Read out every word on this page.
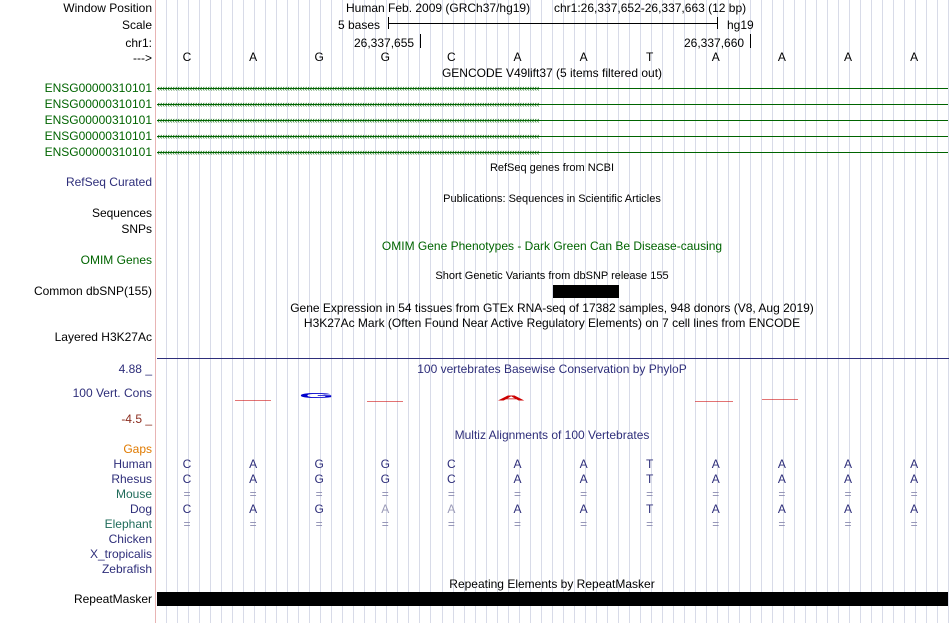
Window Position	Human Feb. 2009 (GRCh37/hg19) chr1:26,337,652-26,337,663 (12 bp)
Scale	5 bases	hg19
chr1:	26,337,655	26,337,660
--->	C	A	G	G	C	A	A	T	A	A	A	A
GENCODE V49lift37 (5 items filtered out)
ENSG00000310101 ‹‹‹‹‹‹‹‹‹‹‹‹‹‹‹‹‹‹‹‹‹‹‹‹‹‹‹‹‹‹‹‹‹‹‹‹‹‹‹‹‹‹‹‹‹‹‹‹‹‹‹‹‹‹‹‹‹‹‹‹‹‹‹‹‹‹‹‹‹‹‹‹‹‹‹‹‹‹‹‹‹‹‹‹‹‹‹‹‹‹‹‹‹‹‹‹‹‹‹‹‹‹‹‹‹‹‹‹‹‹‹‹‹‹‹‹‹‹‹‹‹‹‹‹‹‹‹‹‹‹‹‹‹‹‹‹‹‹‹‹‹‹‹‹‹‹‹‹‹‹‹‹‹
ENSG00000310101 ‹‹‹‹‹‹‹‹‹‹‹‹‹‹‹‹‹‹‹‹‹‹‹‹‹‹‹‹‹‹‹‹‹‹‹‹‹‹‹‹‹‹‹‹‹‹‹‹‹‹‹‹‹‹‹‹‹‹‹‹‹‹‹‹‹‹‹‹‹‹‹‹‹‹‹‹‹‹‹‹‹‹‹‹‹‹‹‹‹‹‹‹‹‹‹‹‹‹‹‹‹‹‹‹‹‹‹‹‹‹‹‹‹‹‹‹‹‹‹‹‹‹‹‹‹‹‹‹‹‹‹‹‹‹‹‹‹‹‹‹‹‹‹‹‹‹‹‹‹‹‹‹‹
ENSG00000310101 ‹‹‹‹‹‹‹‹‹‹‹‹‹‹‹‹‹‹‹‹‹‹‹‹‹‹‹‹‹‹‹‹‹‹‹‹‹‹‹‹‹‹‹‹‹‹‹‹‹‹‹‹‹‹‹‹‹‹‹‹‹‹‹‹‹‹‹‹‹‹‹‹‹‹‹‹‹‹‹‹‹‹‹‹‹‹‹‹‹‹‹‹‹‹‹‹‹‹‹‹‹‹‹‹‹‹‹‹‹‹‹‹‹‹‹‹‹‹‹‹‹‹‹‹‹‹‹‹‹‹‹‹‹‹‹‹‹‹‹‹‹‹‹‹‹‹‹‹‹‹‹‹‹
ENSG00000310101 ‹‹‹‹‹‹‹‹‹‹‹‹‹‹‹‹‹‹‹‹‹‹‹‹‹‹‹‹‹‹‹‹‹‹‹‹‹‹‹‹‹‹‹‹‹‹‹‹‹‹‹‹‹‹‹‹‹‹‹‹‹‹‹‹‹‹‹‹‹‹‹‹‹‹‹‹‹‹‹‹‹‹‹‹‹‹‹‹‹‹‹‹‹‹‹‹‹‹‹‹‹‹‹‹‹‹‹‹‹‹‹‹‹‹‹‹‹‹‹‹‹‹‹‹‹‹‹‹‹‹‹‹‹‹‹‹‹‹‹‹‹‹‹‹‹‹‹‹‹‹‹‹‹
ENSG00000310101 ‹‹‹‹‹‹‹‹‹‹‹‹‹‹‹‹‹‹‹‹‹‹‹‹‹‹‹‹‹‹‹‹‹‹‹‹‹‹‹‹‹‹‹‹‹‹‹‹‹‹‹‹‹‹‹‹‹‹‹‹‹‹‹‹‹‹‹‹‹‹‹‹‹‹‹‹‹‹‹‹‹‹‹‹‹‹‹‹‹‹‹‹‹‹‹‹‹‹‹‹‹‹‹‹‹‹‹‹‹‹‹‹‹‹‹‹‹‹‹‹‹‹‹‹‹‹‹‹‹‹‹‹‹‹‹‹‹‹‹‹‹‹‹‹‹‹‹‹‹‹‹‹‹
RefSeq genes from NCBI
RefSeq Curated
Publications: Sequences in Scientific Articles
Sequences
SNPs
OMIM Gene Phenotypes - Dark Green Can Be Disease-causing
OMIM Genes
Short Genetic Variants from dbSNP release 155
Common dbSNP(155)
Gene Expression in 54 tissues from GTEx RNA-seq of 17382 samples, 948 donors (V8, Aug 2019)
H3K27Ac Mark (Often Found Near Active Regulatory Elements) on 7 cell lines from ENCODE
Layered H3K27Ac
4.88 _	100 vertebrates Basewise Conservation by PhyloP
100 Vert. Cons
-4.5 _
G	A
Multiz Alignments of 100 Vertebrates
Gaps
Human	C	A	G	G	C	A	A	T	A	A	A	A
Rhesus	C	A	G	G	C	A	A	T	A	A	A	A
Mouse	=	=	=	=	=	=	=	=	=	=	=	=
Dog	C	A	G	A	A	A	A	T	A	A	A	A
Elephant	=	=	=	=	=	=	=	=	=	=	=	=
Chicken
X_tropicalis
Zebrafish
Repeating Elements by RepeatMasker
RepeatMasker
